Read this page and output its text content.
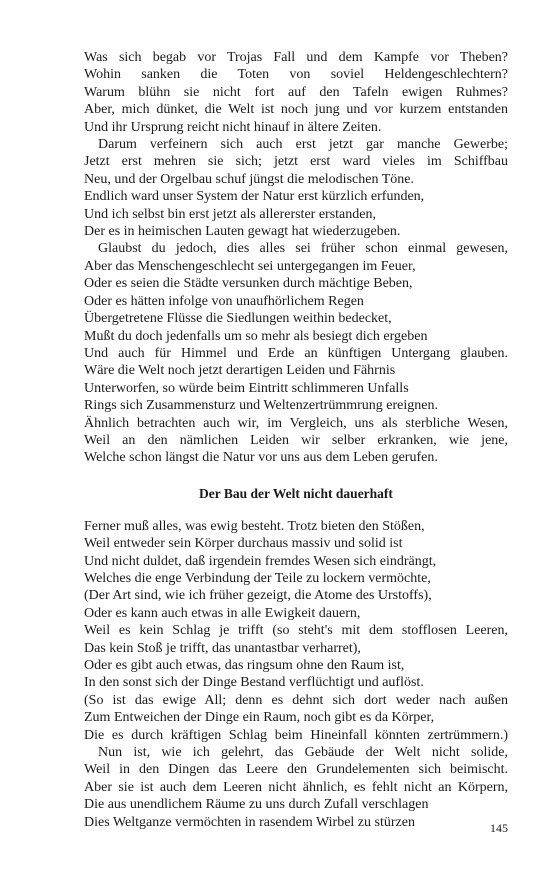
Was sich begab vor Trojas Fall und dem Kampfe vor Theben?
Wohin sanken die Toten von soviel Heldengeschlechtern?
Warum blühn sie nicht fort auf den Tafeln ewigen Ruhmes?
Aber, mich dünket, die Welt ist noch jung und vor kurzem entstanden
Und ihr Ursprung reicht nicht hinauf in ältere Zeiten.
Darum verfeinern sich auch erst jetzt gar manche Gewerbe;
Jetzt erst mehren sie sich; jetzt erst ward vieles im Schiffbau
Neu, und der Orgelbau schuf jüngst die melodischen Töne.
Endlich ward unser System der Natur erst kürzlich erfunden,
Und ich selbst bin erst jetzt als allererster erstanden,
Der es in heimischen Lauten gewagt hat wiederzugeben.
Glaubst du jedoch, dies alles sei früher schon einmal gewesen,
Aber das Menschengeschlecht sei untergegangen im Feuer,
Oder es seien die Städte versunken durch mächtige Beben,
Oder es hätten infolge von unaufhörlichem Regen
Übergetretene Flüsse die Siedlungen weithin bedecket,
Mußt du doch jedenfalls um so mehr als besiegt dich ergeben
Und auch für Himmel und Erde an künftigen Untergang glauben.
Wäre die Welt noch jetzt derartigen Leiden und Fährnis
Unterworfen, so würde beim Eintritt schlimmeren Unfalls
Rings sich Zusammensturz und Weltenzertrümmrung ereignen.
Ähnlich betrachten auch wir, im Vergleich, uns als sterbliche Wesen,
Weil an den nämlichen Leiden wir selber erkranken, wie jene,
Welche schon längst die Natur vor uns aus dem Leben gerufen.
Der Bau der Welt nicht dauerhaft
Ferner muß alles, was ewig besteht. Trotz bieten den Stößen,
Weil entweder sein Körper durchaus massiv und solid ist
Und nicht duldet, daß irgendein fremdes Wesen sich eindrängt,
Welches die enge Verbindung der Teile zu lockern vermöchte,
(Der Art sind, wie ich früher gezeigt, die Atome des Urstoffs),
Oder es kann auch etwas in alle Ewigkeit dauern,
Weil es kein Schlag je trifft (so steht's mit dem stofflosen Leeren,
Das kein Stoß je trifft, das unantastbar verharret),
Oder es gibt auch etwas, das ringsum ohne den Raum ist,
In den sonst sich der Dinge Bestand verflüchtigt und auflöst.
(So ist das ewige All; denn es dehnt sich dort weder nach außen
Zum Entweichen der Dinge ein Raum, noch gibt es da Körper,
Die es durch kräftigen Schlag beim Hineinfall könnten zertrümmern.)
Nun ist, wie ich gelehrt, das Gebäude der Welt nicht solide,
Weil in den Dingen das Leere den Grundelementen sich beimischt.
Aber sie ist auch dem Leeren nicht ähnlich, es fehlt nicht an Körpern,
Die aus unendlichem Räume zu uns durch Zufall verschlagen
Dies Weltganze vermöchten in rasendem Wirbel zu stürzen	145
